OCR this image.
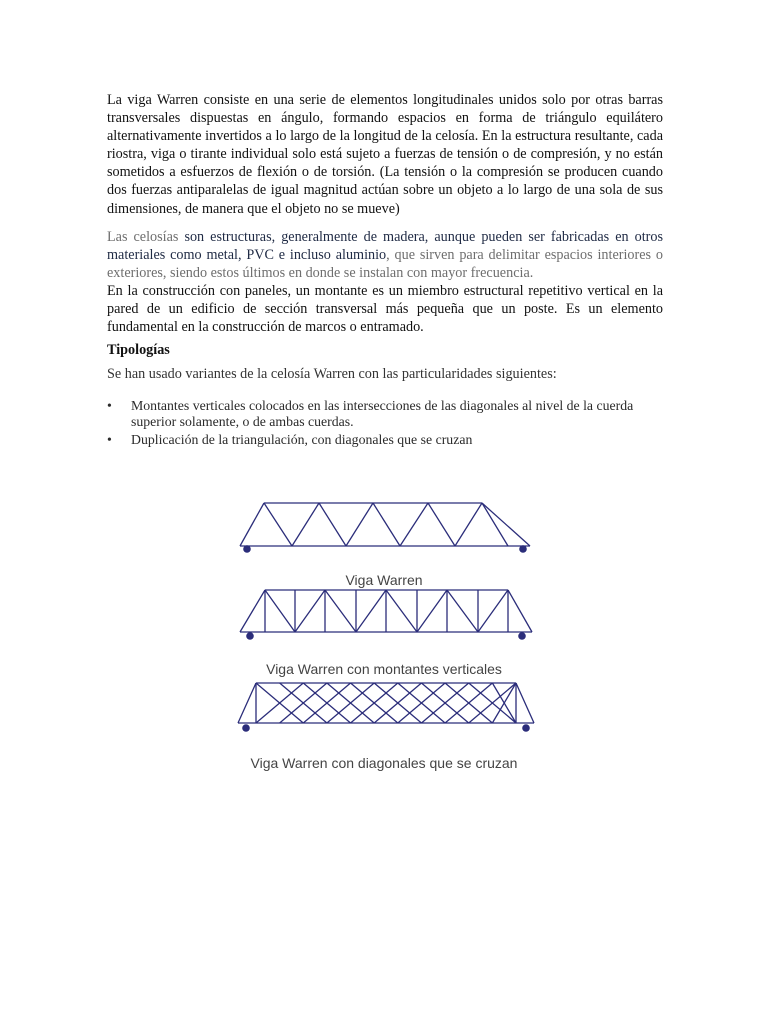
La viga Warren consiste en una serie de elementos longitudinales unidos solo por otras barras transversales dispuestas en ángulo, formando espacios en forma de triángulo equilátero alternativamente invertidos a lo largo de la longitud de la celosía. En la estructura resultante, cada riostra, viga o tirante individual solo está sujeto a fuerzas de tensión o de compresión, y no están sometidos a esfuerzos de flexión o de torsión. (La tensión o la compresión se producen cuando dos fuerzas antiparalelas de igual magnitud actúan sobre un objeto a lo largo de una sola de sus dimensiones, de manera que el objeto no se mueve)

Las celosías son estructuras, generalmente de madera, aunque pueden ser fabricadas en otros materiales como metal, PVC e incluso aluminio, que sirven para delimitar espacios interiores o exteriores, siendo estos últimos en donde se instalan con mayor frecuencia.

En la construcción con paneles, un montante es un miembro estructural repetitivo vertical en la pared de un edificio de sección transversal más pequeña que un poste. Es un elemento fundamental en la construcción de marcos o entramado.

Tipologías

Se han usado variantes de la celosía Warren con las particularidades siguientes:

• Montantes verticales colocados en las intersecciones de las diagonales al nivel de la cuerda superior solamente, o de ambas cuerdas.
• Duplicación de la triangulación, con diagonales que se cruzan
Viga Warren
Viga Warren con montantes verticales
Viga Warren con diagonales que se cruzan
